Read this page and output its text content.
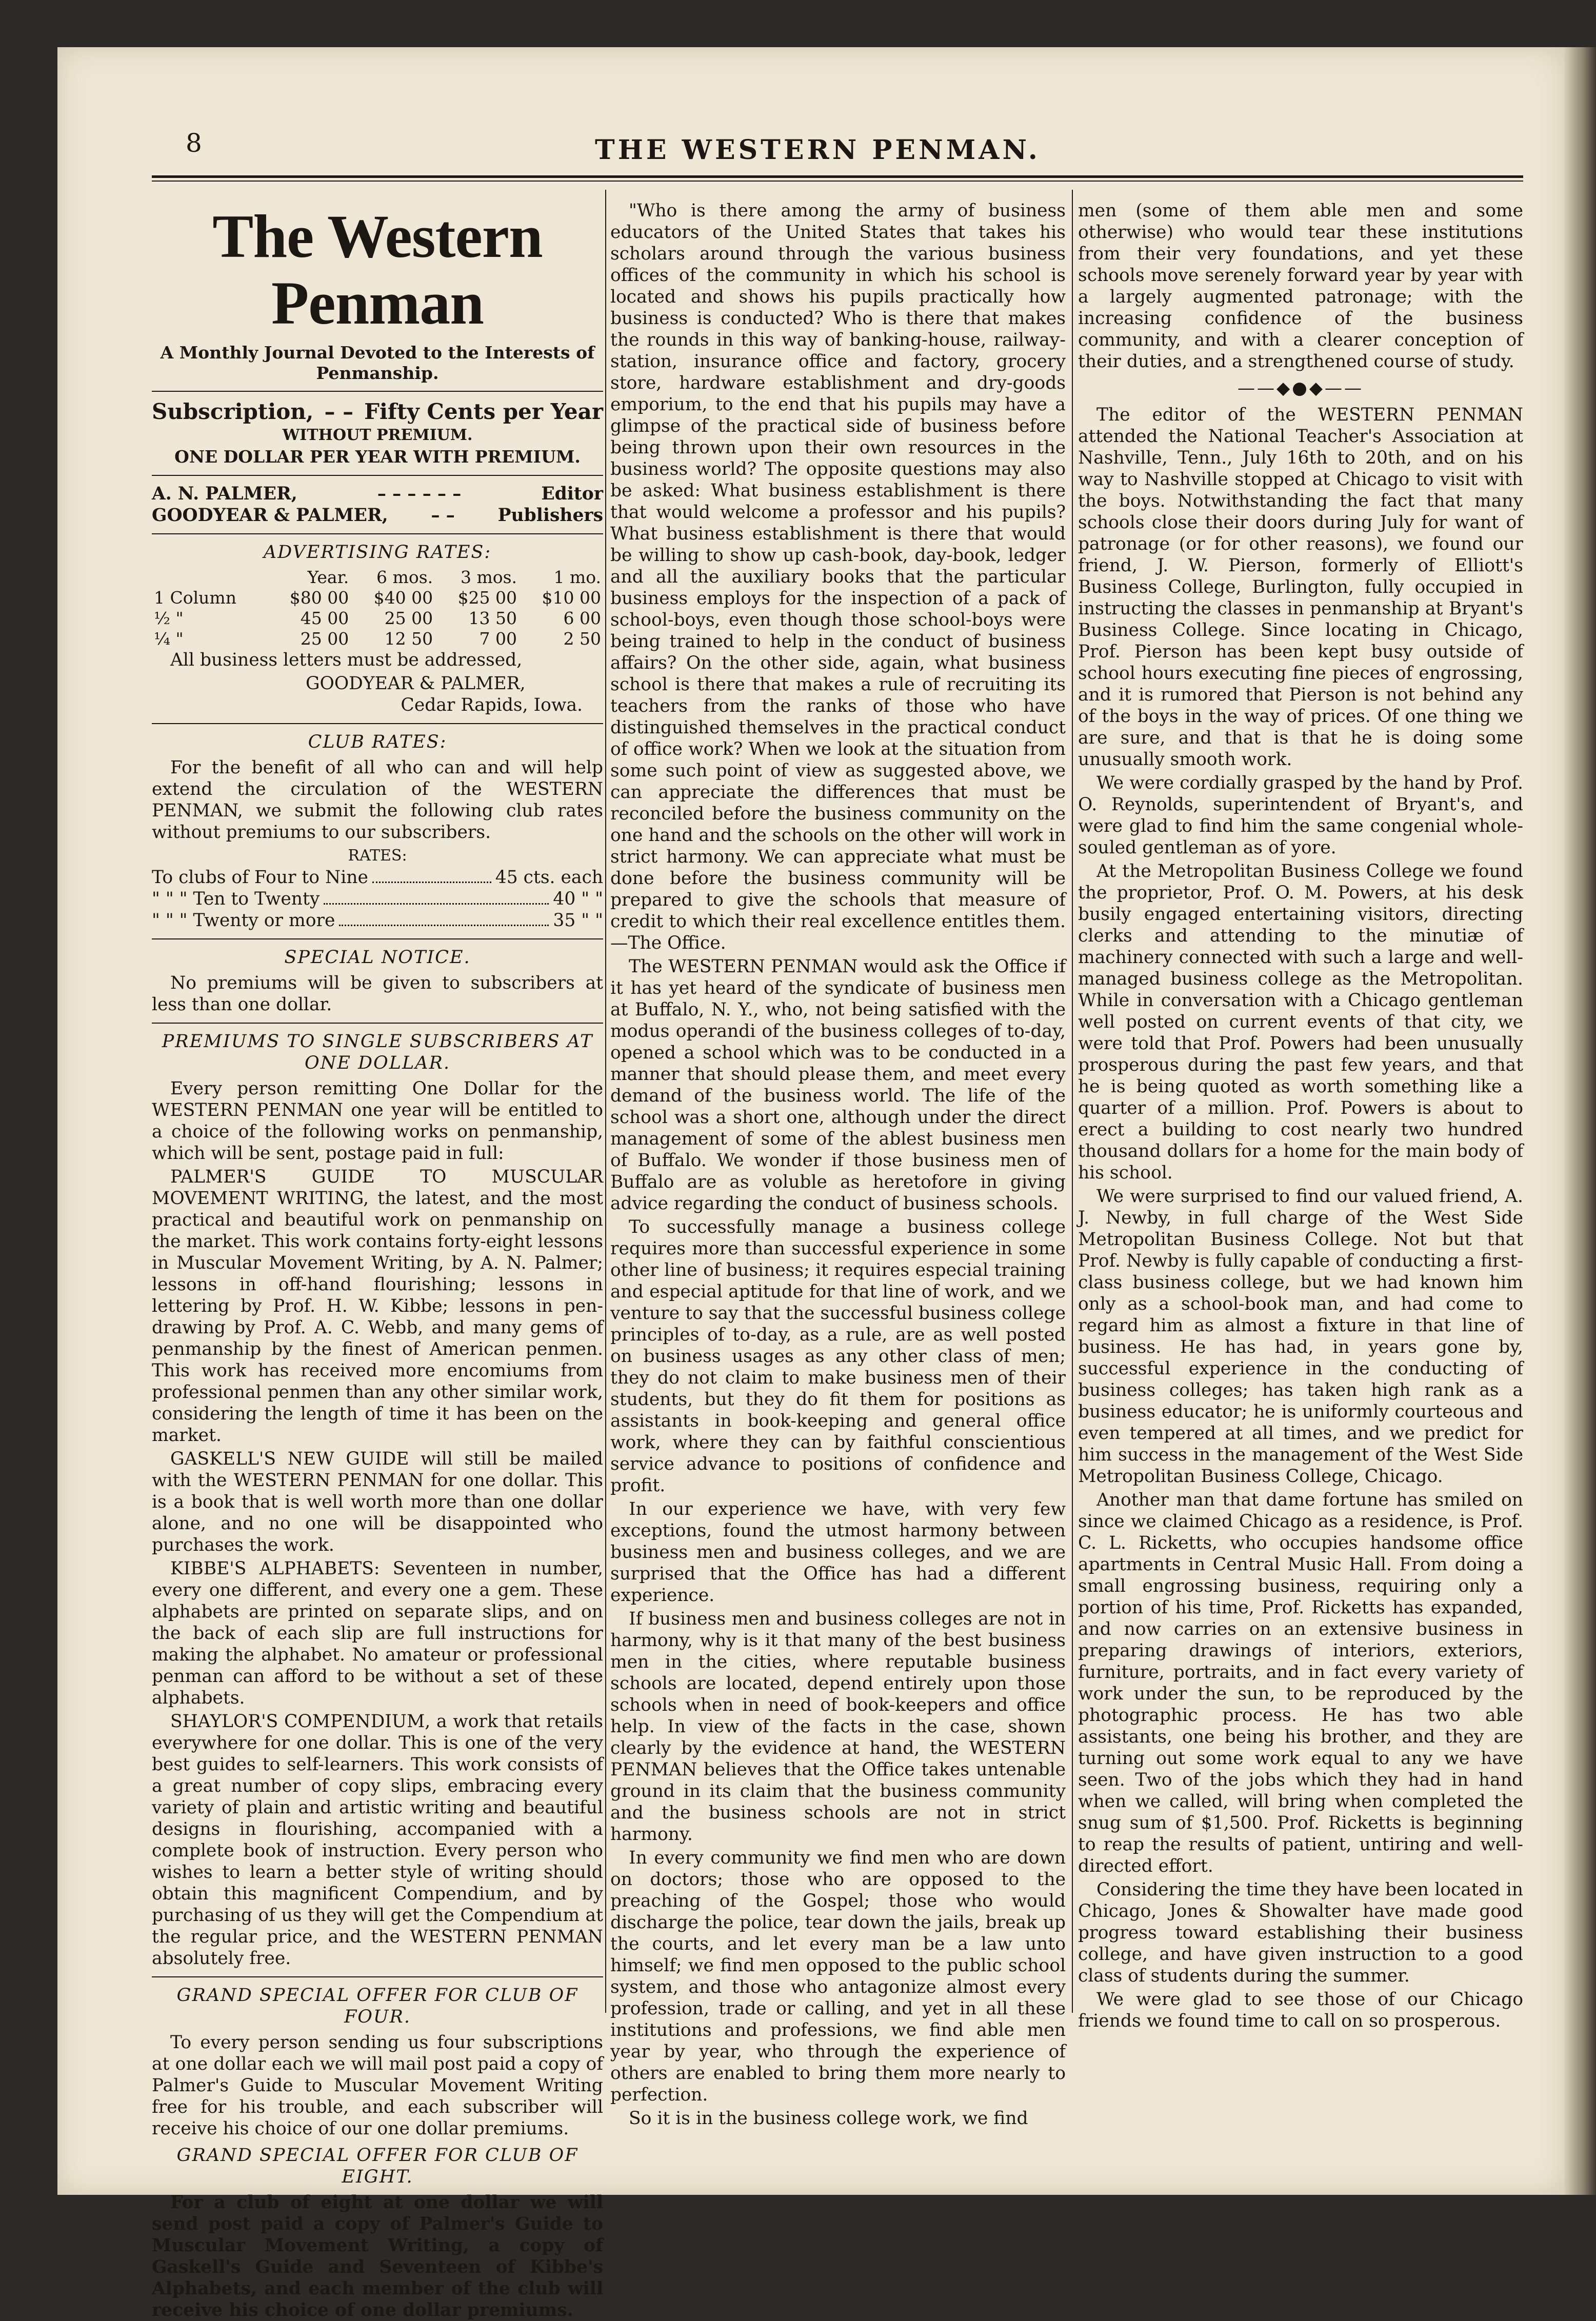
8	THE WESTERN PENMAN.
The Western Penman
A Monthly Journal Devoted to the Interests of Penmanship.
Subscription, – – Fifty Cents per Year
WITHOUT PREMIUM.
ONE DOLLAR PER YEAR WITH PREMIUM.
A. N. PALMER,	– – – – – –	Editor
GOODYEAR & PALMER, – – Publishers
ADVERTISING RATES:
	Year.	6 mos.	3 mos.	1 mo.
1 Column	$80 00	$40 00	$25 00	$10 00
½ "	45 00	25 00	13 50	6 00
¼ "	25 00	12 50	7 00	2 50

All business letters must be addressed,

GOODYEAR & PALMER,
Cedar Rapids, Iowa.
CLUB RATES:

For the benefit of all who can and will help extend the circulation of the WESTERN PENMAN, we submit the following club rates without premiums to our subscribers.

RATES:
To clubs of Four to Nine	45 cts. each
" " " Ten to Twenty	40 " "
" " " Twenty or more	35 " "
SPECIAL NOTICE.

No premiums will be given to subscribers at less than one dollar.

PREMIUMS TO SINGLE SUBSCRIBERS AT ONE DOLLAR.

Every person remitting One Dollar for the WESTERN PENMAN one year will be entitled to a choice of the following works on penmanship, which will be sent, postage paid in full:

PALMER'S GUIDE TO MUSCULAR MOVEMENT WRITING, the latest, and the most practical and beautiful work on penmanship on the market. This work contains forty-eight lessons in Muscular Movement Writing, by A. N. Palmer; lessons in off-hand flourishing; lessons in lettering by Prof. H. W. Kibbe; lessons in pen-drawing by Prof. A. C. Webb, and many gems of penmanship by the finest of American penmen. This work has received more encomiums from professional penmen than any other similar work, considering the length of time it has been on the market.

GASKELL'S NEW GUIDE will still be mailed with the WESTERN PENMAN for one dollar. This is a book that is well worth more than one dollar alone, and no one will be disappointed who purchases the work.

KIBBE'S ALPHABETS: Seventeen in number, every one different, and every one a gem. These alphabets are printed on separate slips, and on the back of each slip are full instructions for making the alphabet. No amateur or professional penman can afford to be without a set of these alphabets.

SHAYLOR'S COMPENDIUM, a work that retails everywhere for one dollar. This is one of the very best guides to self-learners. This work consists of a great number of copy slips, embracing every variety of plain and artistic writing and beautiful designs in flourishing, accompanied with a complete book of instruction. Every person who wishes to learn a better style of writing should obtain this magnificent Compendium, and by purchasing of us they will get the Compendium at the regular price, and the WESTERN PENMAN absolutely free.

GRAND SPECIAL OFFER FOR CLUB OF FOUR.

To every person sending us four subscriptions at one dollar each we will mail post paid a copy of Palmer's Guide to Muscular Movement Writing free for his trouble, and each subscriber will receive his choice of our one dollar premiums.

GRAND SPECIAL OFFER FOR CLUB OF EIGHT.

For a club of eight at one dollar we will send post paid a copy of Palmer's Guide to Muscular Movement Writing, a copy of Gaskell's Guide and Seventeen of Kibbe's Alphabets, and each member of the club will receive his choice of one dollar premiums.

"Who is there among the army of business educators of the United States that takes his scholars around through the various business offices of the community in which his school is located and shows his pupils practically how business is conducted? Who is there that makes the rounds in this way of banking-house, railway-station, insurance office and factory, grocery store, hardware establishment and dry-goods emporium, to the end that his pupils may have a glimpse of the practical side of business before being thrown upon their own resources in the business world? The opposite questions may also be asked: What business establishment is there that would welcome a professor and his pupils? What business establishment is there that would be willing to show up cash-book, day-book, ledger and all the auxiliary books that the particular business employs for the inspection of a pack of school-boys, even though those school-boys were being trained to help in the conduct of business affairs? On the other side, again, what business school is there that makes a rule of recruiting its teachers from the ranks of those who have distinguished themselves in the practical conduct of office work? When we look at the situation from some such point of view as suggested above, we can appreciate the differences that must be reconciled before the business community on the one hand and the schools on the other will work in strict harmony. We can appreciate what must be done before the business community will be prepared to give the schools that measure of credit to which their real excellence entitles them.—The Office.

The WESTERN PENMAN would ask the Office if it has yet heard of the syndicate of business men at Buffalo, N. Y., who, not being satisfied with the modus operandi of the business colleges of to-day, opened a school which was to be conducted in a manner that should please them, and meet every demand of the business world. The life of the school was a short one, although under the direct management of some of the ablest business men of Buffalo. We wonder if those business men of Buffalo are as voluble as heretofore in giving advice regarding the conduct of business schools.

To successfully manage a business college requires more than successful experience in some other line of business; it requires especial training and especial aptitude for that line of work, and we venture to say that the successful business college principles of to-day, as a rule, are as well posted on business usages as any other class of men; they do not claim to make business men of their students, but they do fit them for positions as assistants in book-keeping and general office work, where they can by faithful conscientious service advance to positions of confidence and profit.

In our experience we have, with very few exceptions, found the utmost harmony between business men and business colleges, and we are surprised that the Office has had a different experience.

If business men and business colleges are not in harmony, why is it that many of the best business men in the cities, where reputable business schools are located, depend entirely upon those schools when in need of book-keepers and office help. In view of the facts in the case, shown clearly by the evidence at hand, the WESTERN PENMAN believes that the Office takes untenable ground in its claim that the business community and the business schools are not in strict harmony.

In every community we find men who are down on doctors; those who are opposed to the preaching of the Gospel; those who would discharge the police, tear down the jails, break up the courts, and let every man be a law unto himself; we find men opposed to the public school system, and those who antagonize almost every profession, trade or calling, and yet in all these institutions and professions, we find able men year by year, who through the experience of others are enabled to bring them more nearly to perfection.

So it is in the business college work, we find

men (some of them able men and some otherwise) who would tear these institutions from their very foundations, and yet these schools move serenely forward year by year with a largely augmented patronage; with the increasing confidence of the business community, and with a clearer conception of their duties, and a strengthened course of study.

——◆●◆——

The editor of the WESTERN PENMAN attended the National Teacher's Association at Nashville, Tenn., July 16th to 20th, and on his way to Nashville stopped at Chicago to visit with the boys. Notwithstanding the fact that many schools close their doors during July for want of patronage (or for other reasons), we found our friend, J. W. Pierson, formerly of Elliott's Business College, Burlington, fully occupied in instructing the classes in penmanship at Bryant's Business College. Since locating in Chicago, Prof. Pierson has been kept busy outside of school hours executing fine pieces of engrossing, and it is rumored that Pierson is not behind any of the boys in the way of prices. Of one thing we are sure, and that is that he is doing some unusually smooth work.

We were cordially grasped by the hand by Prof. O. Reynolds, superintendent of Bryant's, and were glad to find him the same congenial whole-souled gentleman as of yore.

At the Metropolitan Business College we found the proprietor, Prof. O. M. Powers, at his desk busily engaged entertaining visitors, directing clerks and attending to the minutiæ of machinery connected with such a large and well-managed business college as the Metropolitan. While in conversation with a Chicago gentleman well posted on current events of that city, we were told that Prof. Powers had been unusually prosperous during the past few years, and that he is being quoted as worth something like a quarter of a million. Prof. Powers is about to erect a building to cost nearly two hundred thousand dollars for a home for the main body of his school.

We were surprised to find our valued friend, A. J. Newby, in full charge of the West Side Metropolitan Business College. Not but that Prof. Newby is fully capable of conducting a first-class business college, but we had known him only as a school-book man, and had come to regard him as almost a fixture in that line of business. He has had, in years gone by, successful experience in the conducting of business colleges; has taken high rank as a business educator; he is uniformly courteous and even tempered at all times, and we predict for him success in the management of the West Side Metropolitan Business College, Chicago.

Another man that dame fortune has smiled on since we claimed Chicago as a residence, is Prof. C. L. Ricketts, who occupies handsome office apartments in Central Music Hall. From doing a small engrossing business, requiring only a portion of his time, Prof. Ricketts has expanded, and now carries on an extensive business in preparing drawings of interiors, exteriors, furniture, portraits, and in fact every variety of work under the sun, to be reproduced by the photographic process. He has two able assistants, one being his brother, and they are turning out some work equal to any we have seen. Two of the jobs which they had in hand when we called, will bring when completed the snug sum of $1,500. Prof. Ricketts is beginning to reap the results of patient, untiring and well-directed effort.

Considering the time they have been located in Chicago, Jones & Showalter have made good progress toward establishing their business college, and have given instruction to a good class of students during the summer.

We were glad to see those of our Chicago friends we found time to call on so prosperous.
